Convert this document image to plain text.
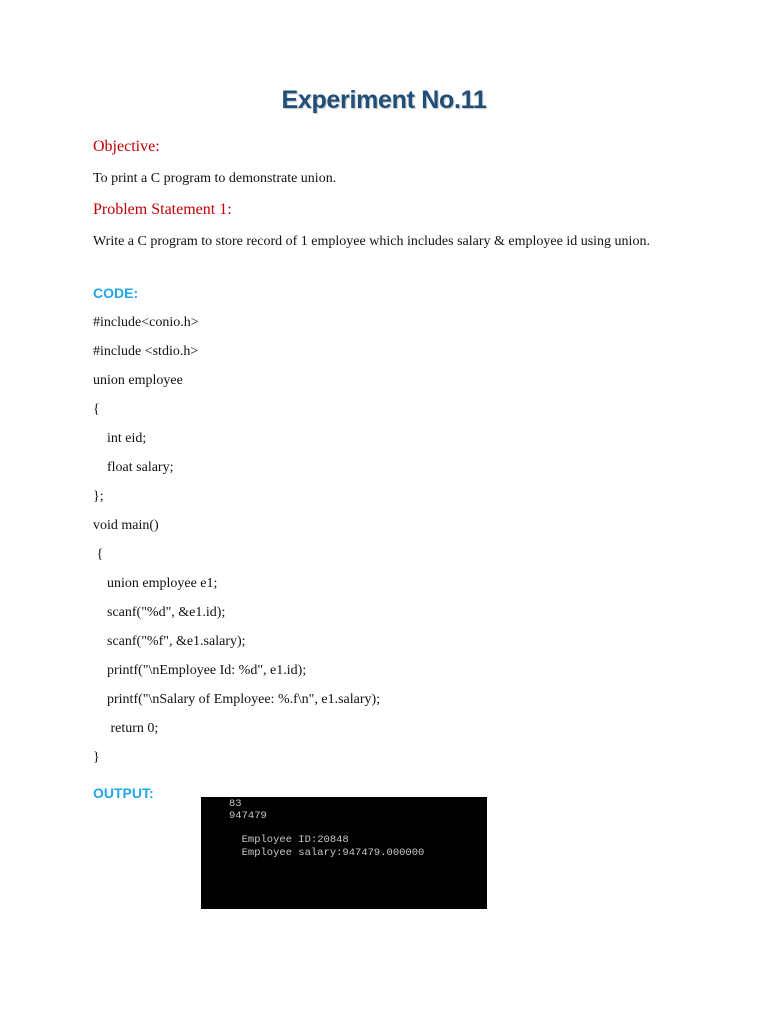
Experiment No.11
Objective:
To print a C program to demonstrate union.
Problem Statement 1:
Write a C program to store record of 1 employee which includes salary & employee id using union.
CODE:
#include<conio.h>
#include <stdio.h>
union employee
{
int eid;
float salary;
};
void main()
{
union employee e1;
scanf("%d", &e1.id);
scanf("%f", &e1.salary);
printf("\nEmployee Id: %d", e1.id);
printf("\nSalary of Employee: %.f\n", e1.salary);
return 0;
}
OUTPUT:
83
947479
Employee ID:20848
Employee salary:947479.000000
